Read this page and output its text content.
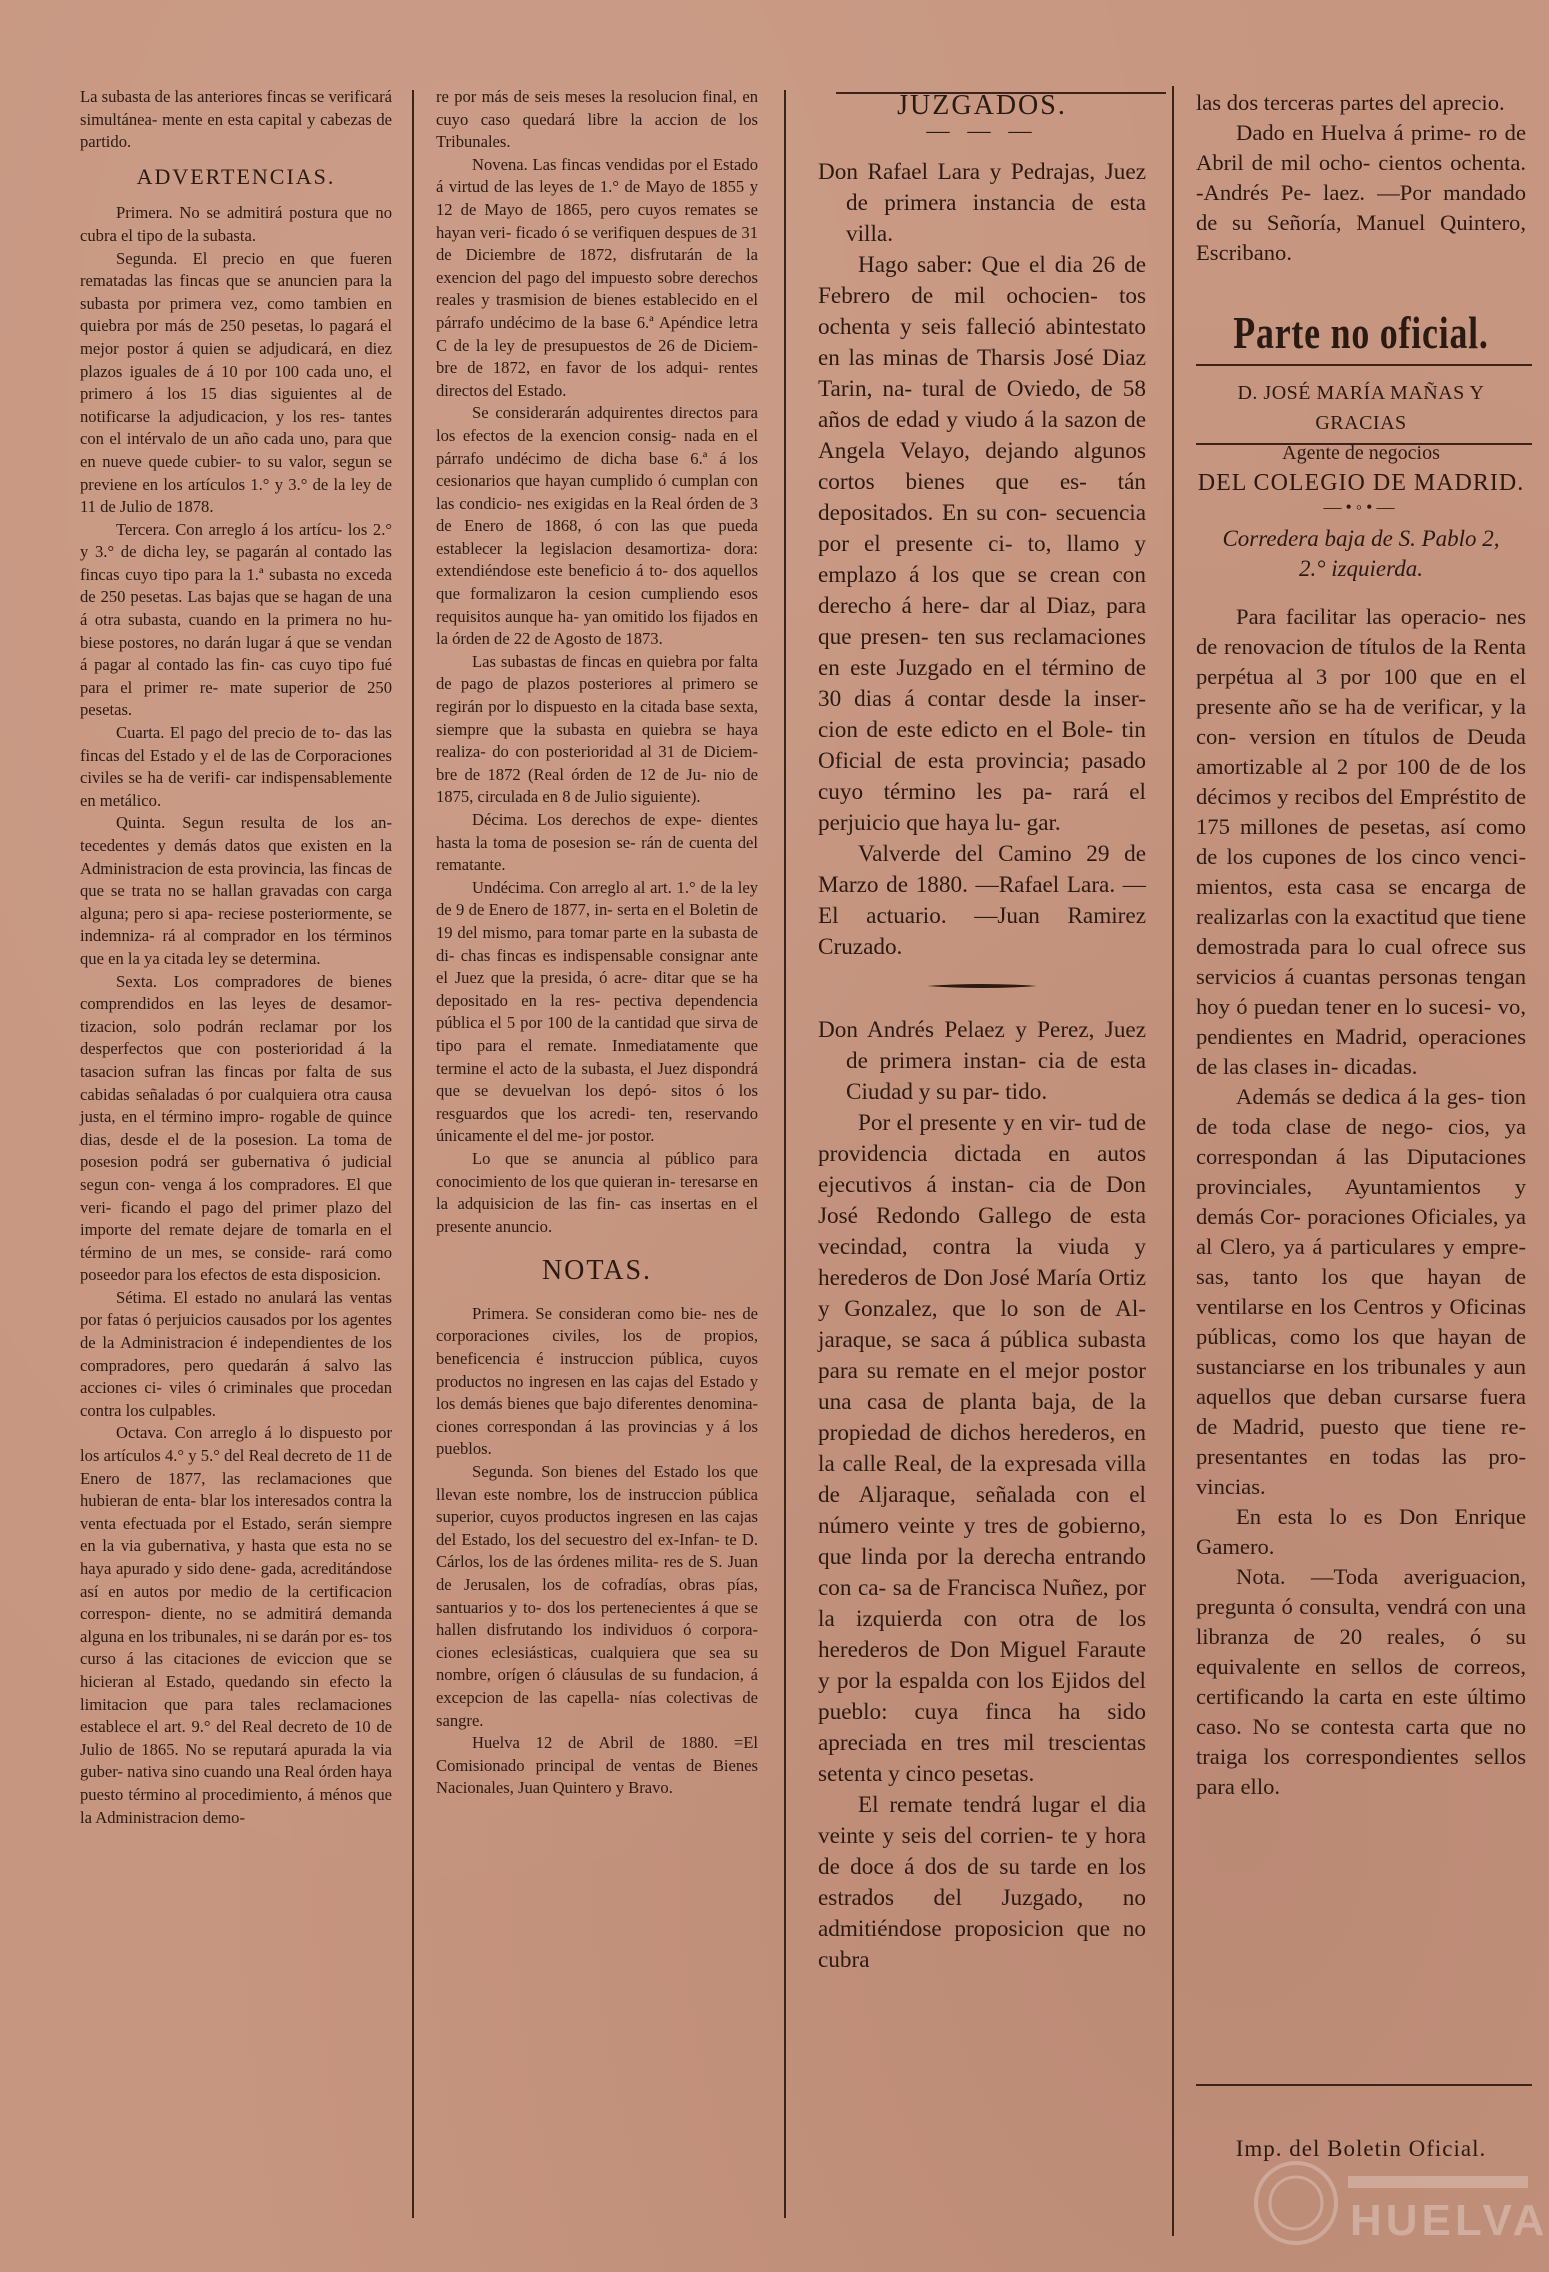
La subasta de las anteriores fincas se verificará simultánea- mente en esta capital y cabezas de partido.

ADVERTENCIAS.

Primera. No se admitirá postura que no cubra el tipo de la subasta.

Segunda. El precio en que fueren rematadas las fincas que se anuncien para la subasta por primera vez, como tambien en quiebra por más de 250 pesetas, lo pagará el mejor postor á quien se adjudicará, en diez plazos iguales de á 10 por 100 cada uno, el primero á los 15 dias siguientes al de notificarse la adjudicacion, y los res- tantes con el intérvalo de un año cada uno, para que en nueve quede cubier- to su valor, segun se previene en los artículos 1.° y 3.° de la ley de 11 de Julio de 1878.

Tercera. Con arreglo á los artícu- los 2.° y 3.° de dicha ley, se pagarán al contado las fincas cuyo tipo para la 1.ª subasta no exceda de 250 pesetas. Las bajas que se hagan de una á otra subasta, cuando en la primera no hu- biese postores, no darán lugar á que se vendan á pagar al contado las fin- cas cuyo tipo fué para el primer re- mate superior de 250 pesetas.

Cuarta. El pago del precio de to- das las fincas del Estado y el de las de Corporaciones civiles se ha de verifi- car indispensablemente en metálico.

Quinta. Segun resulta de los an- tecedentes y demás datos que existen en la Administracion de esta provincia, las fincas de que se trata no se hallan gravadas con carga alguna; pero si apa- reciese posteriormente, se indemniza- rá al comprador en los términos que en la ya citada ley se determina.

Sexta. Los compradores de bienes comprendidos en las leyes de desamor- tizacion, solo podrán reclamar por los desperfectos que con posterioridad á la tasacion sufran las fincas por falta de sus cabidas señaladas ó por cualquiera otra causa justa, en el término impro- rogable de quince dias, desde el de la posesion. La toma de posesion podrá ser gubernativa ó judicial segun con- venga á los compradores. El que veri- ficando el pago del primer plazo del importe del remate dejare de tomarla en el término de un mes, se conside- rará como poseedor para los efectos de esta disposicion.

Sétima. El estado no anulará las ventas por fatas ó perjuicios causados por los agentes de la Administracion é independientes de los compradores, pero quedarán á salvo las acciones ci- viles ó criminales que procedan contra los culpables.

Octava. Con arreglo á lo dispuesto por los artículos 4.° y 5.° del Real decreto de 11 de Enero de 1877, las reclamaciones que hubieran de enta- blar los interesados contra la venta efectuada por el Estado, serán siempre en la via gubernativa, y hasta que esta no se haya apurado y sido dene- gada, acreditándose así en autos por medio de la certificacion correspon- diente, no se admitirá demanda alguna en los tribunales, ni se darán por es- tos curso á las citaciones de eviccion que se hicieran al Estado, quedando sin efecto la limitacion que para tales reclamaciones establece el art. 9.° del Real decreto de 10 de Julio de 1865. No se reputará apurada la via guber- nativa sino cuando una Real órden haya puesto término al procedimiento, á ménos que la Administracion demo-

re por más de seis meses la resolucion final, en cuyo caso quedará libre la accion de los Tribunales.

Novena. Las fincas vendidas por el Estado á virtud de las leyes de 1.° de Mayo de 1855 y 12 de Mayo de 1865, pero cuyos remates se hayan veri- ficado ó se verifiquen despues de 31 de Diciembre de 1872, disfrutarán de la exencion del pago del impuesto sobre derechos reales y trasmision de bienes establecido en el párrafo undécimo de la base 6.ª Apéndice letra C de la ley de presupuestos de 26 de Diciem- bre de 1872, en favor de los adqui- rentes directos del Estado.

Se considerarán adquirentes directos para los efectos de la exencion consig- nada en el párrafo undécimo de dicha base 6.ª á los cesionarios que hayan cumplido ó cumplan con las condicio- nes exigidas en la Real órden de 3 de Enero de 1868, ó con las que pueda establecer la legislacion desamortiza- dora: extendiéndose este beneficio á to- dos aquellos que formalizaron la cesion cumpliendo esos requisitos aunque ha- yan omitido los fijados en la órden de 22 de Agosto de 1873.

Las subastas de fincas en quiebra por falta de pago de plazos posteriores al primero se regirán por lo dispuesto en la citada base sexta, siempre que la subasta en quiebra se haya realiza- do con posterioridad al 31 de Diciem- bre de 1872 (Real órden de 12 de Ju- nio de 1875, circulada en 8 de Julio siguiente).

Décima. Los derechos de expe- dientes hasta la toma de posesion se- rán de cuenta del rematante.

Undécima. Con arreglo al art. 1.° de la ley de 9 de Enero de 1877, in- serta en el Boletin de 19 del mismo, para tomar parte en la subasta de di- chas fincas es indispensable consignar ante el Juez que la presida, ó acre- ditar que se ha depositado en la res- pectiva dependencia pública el 5 por 100 de la cantidad que sirva de tipo para el remate. Inmediatamente que termine el acto de la subasta, el Juez dispondrá que se devuelvan los depó- sitos ó los resguardos que los acredi- ten, reservando únicamente el del me- jor postor.

Lo que se anuncia al público para conocimiento de los que quieran in- teresarse en la adquisicion de las fin- cas insertas en el presente anuncio.

NOTAS.

Primera. Se consideran como bie- nes de corporaciones civiles, los de propios, beneficencia é instruccion pública, cuyos productos no ingresen en las cajas del Estado y los demás bienes que bajo diferentes denomina- ciones correspondan á las provincias y á los pueblos.

Segunda. Son bienes del Estado los que llevan este nombre, los de instruccion pública superior, cuyos productos ingresen en las cajas del Estado, los del secuestro del ex-Infan- te D. Cárlos, los de las órdenes milita- res de S. Juan de Jerusalen, los de cofradías, obras pías, santuarios y to- dos los pertenecientes á que se hallen disfrutando los individuos ó corpora- ciones eclesiásticas, cualquiera que sea su nombre, orígen ó cláusulas de su fundacion, á excepcion de las capella- nías colectivas de sangre.

Huelva 12 de Abril de 1880. =El Comisionado principal de ventas de Bienes Nacionales, Juan Quintero y Bravo.

JUZGADOS.
— — —

Don Rafael Lara y Pedrajas, Juez de primera instancia de esta villa.

Hago saber: Que el dia 26 de Febrero de mil ochocien- tos ochenta y seis falleció abintestato en las minas de Tharsis José Diaz Tarin, na- tural de Oviedo, de 58 años de edad y viudo á la sazon de Angela Velayo, dejando algunos cortos bienes que es- tán depositados. En su con- secuencia por el presente ci- to, llamo y emplazo á los que se crean con derecho á here- dar al Diaz, para que presen- ten sus reclamaciones en este Juzgado en el término de 30 dias á contar desde la inser- cion de este edicto en el Bole- tin Oficial de esta provincia; pasado cuyo término les pa- rará el perjuicio que haya lu- gar.

Valverde del Camino 29 de Marzo de 1880. —Rafael Lara. —El actuario. —Juan Ramirez Cruzado.

Don Andrés Pelaez y Perez, Juez de primera instan- cia de esta Ciudad y su par- tido.

Por el presente y en vir- tud de providencia dictada en autos ejecutivos á instan- cia de Don José Redondo Gallego de esta vecindad, contra la viuda y herederos de Don José María Ortiz y Gonzalez, que lo son de Al- jaraque, se saca á pública subasta para su remate en el mejor postor una casa de planta baja, de la propiedad de dichos herederos, en la calle Real, de la expresada villa de Aljaraque, señalada con el número veinte y tres de gobierno, que linda por la derecha entrando con ca- sa de Francisca Nuñez, por la izquierda con otra de los herederos de Don Miguel Faraute y por la espalda con los Ejidos del pueblo: cuya finca ha sido apreciada en tres mil trescientas setenta y cinco pesetas.

El remate tendrá lugar el dia veinte y seis del corrien- te y hora de doce á dos de su tarde en los estrados del Juzgado, no admitiéndose proposicion que no cubra

las dos terceras partes del aprecio.

Dado en Huelva á prime- ro de Abril de mil ocho- cientos ochenta. -Andrés Pe- laez. —Por mandado de su Señoría, Manuel Quintero, Escribano.

Parte no oficial.
D. JOSÉ MARÍA MAÑAS Y GRACIAS
Agente de negocios
DEL COLEGIO DE MADRID.
—•◦•—
Corredera baja de S. Pablo 2,
2.° izquierda.

Para facilitar las operacio- nes de renovacion de títulos de la Renta perpétua al 3 por 100 que en el presente año se ha de verificar, y la con- version en títulos de Deuda amortizable al 2 por 100 de de los décimos y recibos del Empréstito de 175 millones de pesetas, así como de los cupones de los cinco venci- mientos, esta casa se encarga de realizarlas con la exactitud que tiene demostrada para lo cual ofrece sus servicios á cuantas personas tengan hoy ó puedan tener en lo sucesi- vo, pendientes en Madrid, operaciones de las clases in- dicadas.

Además se dedica á la ges- tion de toda clase de nego- cios, ya correspondan á las Diputaciones provinciales, Ayuntamientos y demás Cor- poraciones Oficiales, ya al Clero, ya á particulares y empre- sas, tanto los que hayan de ventilarse en los Centros y Oficinas públicas, como los que hayan de sustanciarse en los tribunales y aun aquellos que deban cursarse fuera de Madrid, puesto que tiene re- presentantes en todas las pro- vincias.

En esta lo es Don Enrique Gamero.

Nota. —Toda averiguacion, pregunta ó consulta, vendrá con una libranza de 20 reales, ó su equivalente en sellos de correos, certificando la carta en este último caso. No se contesta carta que no traiga los correspondientes sellos para ello.

Imp. del Boletin Oficial.
HUELVA
